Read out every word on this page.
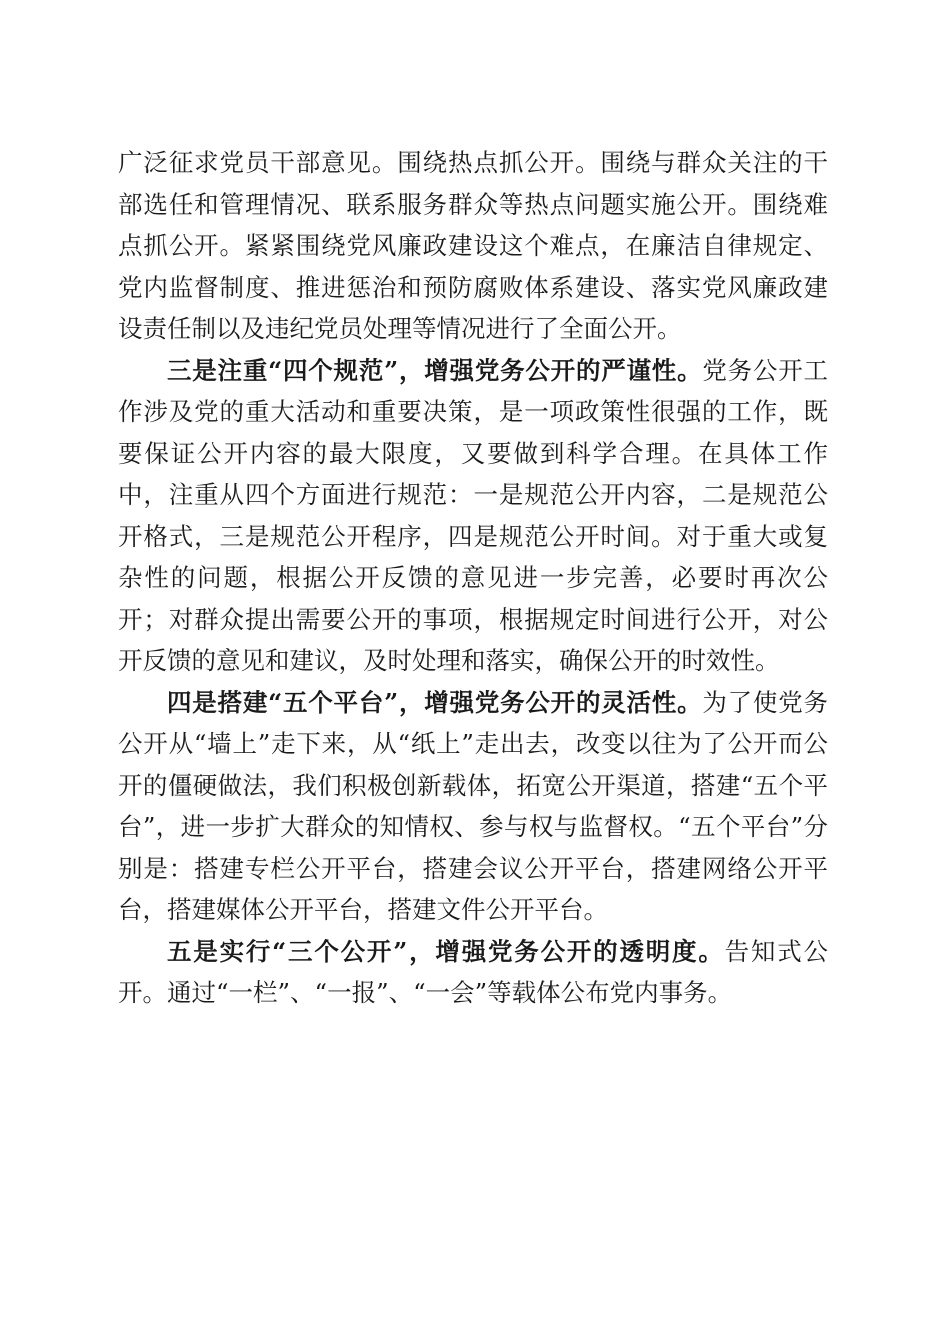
广泛征求党员干部意见。围绕热点抓公开。围绕与群众关注的干部选任和管理情况、联系服务群众等热点问题实施公开。围绕难点抓公开。紧紧围绕党风廉政建设这个难点，在廉洁自律规定、党内监督制度、推进惩治和预防腐败体系建设、落实党风廉政建设责任制以及违纪党员处理等情况进行了全面公开。

三是注重“四个规范”，增强党务公开的严谨性。党务公开工作涉及党的重大活动和重要决策，是一项政策性很强的工作，既要保证公开内容的最大限度，又要做到科学合理。在具体工作中，注重从四个方面进行规范：一是规范公开内容，二是规范公开格式，三是规范公开程序，四是规范公开时间。对于重大或复杂性的问题，根据公开反馈的意见进一步完善，必要时再次公开；对群众提出需要公开的事项，根据规定时间进行公开，对公开反馈的意见和建议，及时处理和落实，确保公开的时效性。

四是搭建“五个平台”，增强党务公开的灵活性。为了使党务公开从“墙上”走下来，从“纸上”走出去，改变以往为了公开而公开的僵硬做法，我们积极创新载体，拓宽公开渠道，搭建“五个平台”，进一步扩大群众的知情权、参与权与监督权。“五个平台”分别是：搭建专栏公开平台，搭建会议公开平台，搭建网络公开平台，搭建媒体公开平台，搭建文件公开平台。

五是实行“三个公开”，增强党务公开的透明度。告知式公开。通过“一栏”、“一报”、“一会”等载体公布党内事务。
